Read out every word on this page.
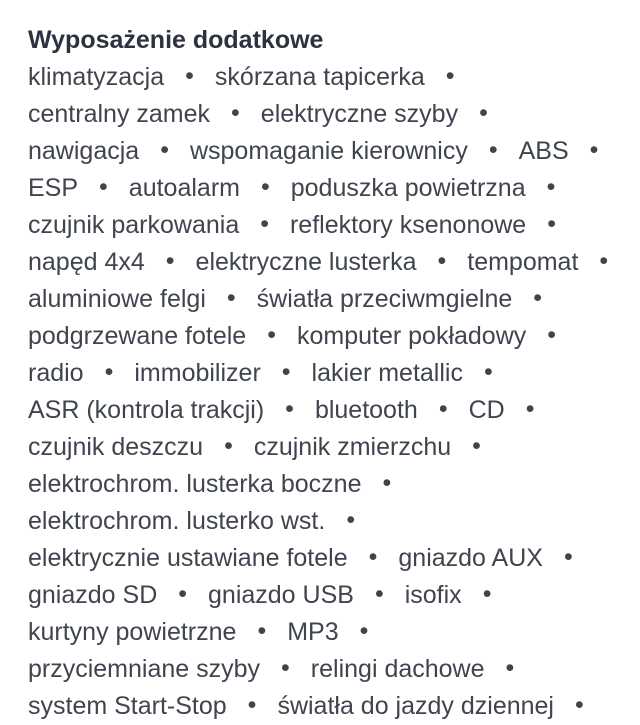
Wyposażenie dodatkowe
klimatyzacja • skórzana tapicerka •
centralny zamek • elektryczne szyby •
nawigacja • wspomaganie kierownicy • ABS •
ESP • autoalarm • poduszka powietrzna •
czujnik parkowania • reflektory ksenonowe •
napęd 4x4 • elektryczne lusterka • tempomat •
aluminiowe felgi • światła przeciwmgielne •
podgrzewane fotele • komputer pokładowy •
radio • immobilizer • lakier metallic •
ASR (kontrola trakcji) • bluetooth • CD •
czujnik deszczu • czujnik zmierzchu •
elektrochrom. lusterka boczne •
elektrochrom. lusterko wst. •
elektrycznie ustawiane fotele • gniazdo AUX •
gniazdo SD • gniazdo USB • isofix •
kurtyny powietrzne • MP3 •
przyciemniane szyby • relingi dachowe •
system Start-Stop • światła do jazdy dziennej •
